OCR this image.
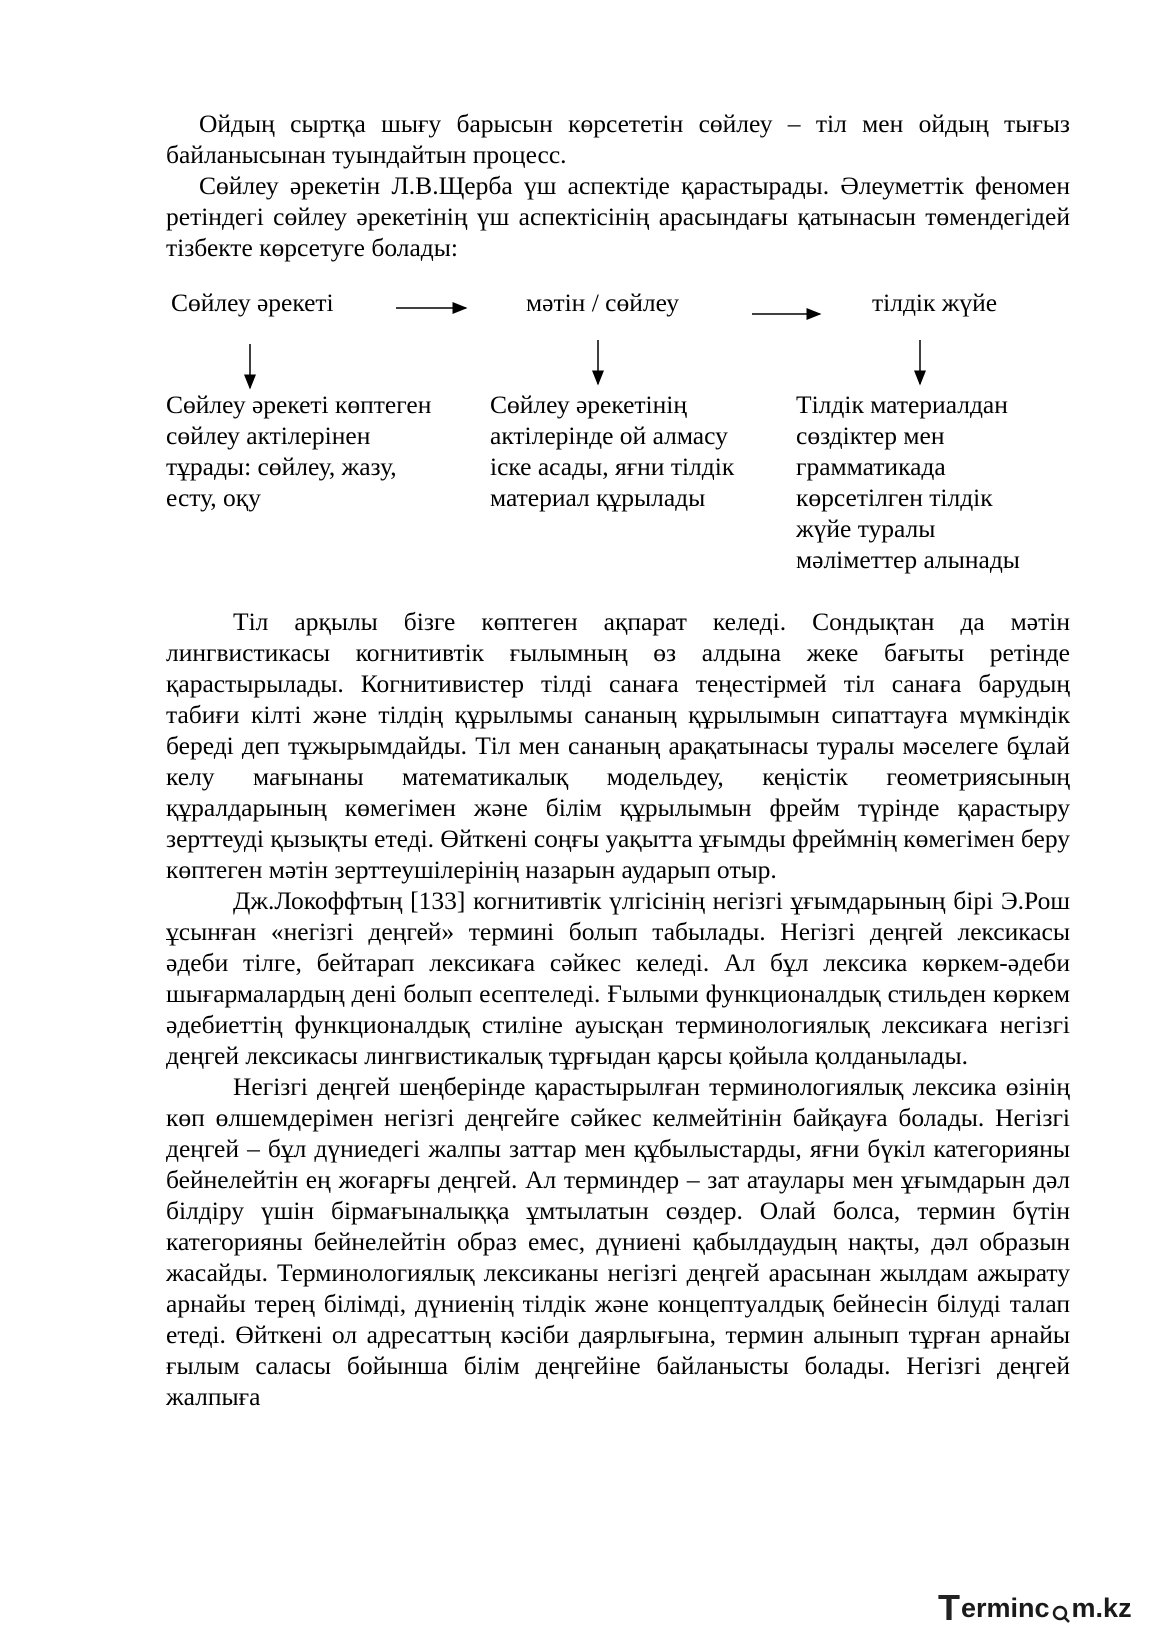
Ойдың сыртқа шығу барысын көрсететін сөйлеу – тіл мен ойдың тығыз байланысынан туындайтын процесс.

Сөйлеу әрекетін Л.В.Щерба үш аспектіде қарастырады. Әлеуметтік феномен ретіндегі сөйлеу әрекетінің үш аспектісінің арасындағы қатынасын төмендегідей тізбекте көрсетуге болады:

Сөйлеу әрекеті	мәтін / сөйлеу	тілдік жүйе
Сөйлеу әрекеті көптеген
сөйлеу актілерінен
тұрады: сөйлеу, жазу,
есту, оқу
Сөйлеу әрекетінің
актілерінде ой алмасу
іске асады, яғни тілдік
материал құрылады
Тілдік материалдан
сөздіктер мен
грамматикада
көрсетілген тілдік
жүйе туралы
мәліметтер алынады

Тіл арқылы бізге көптеген ақпарат келеді. Сондықтан да мәтін лингвистикасы когнитивтік ғылымның өз алдына жеке бағыты ретінде қарастырылады. Когнитивистер тілді санаға теңестірмей тіл санаға барудың табиғи кілті және тілдің құрылымы сананың құрылымын сипаттауға мүмкіндік береді деп тұжырымдайды. Тіл мен сананың арақатынасы туралы мәселеге бұлай келу мағынаны математикалық модельдеу, кеңістік геометриясының құралдарының көмегімен және білім құрылымын фрейм түрінде қарастыру зерттеуді қызықты етеді. Өйткені соңғы уақытта ұғымды фреймнің көмегімен беру көптеген мәтін зерттеушілерінің назарын аударып отыр.

Дж.Локоффтың [133] когнитивтік үлгісінің негізгі ұғымдарының бірі Э.Рош ұсынған «негізгі деңгей» термині болып табылады. Негізгі деңгей лексикасы әдеби тілге, бейтарап лексикаға сәйкес келеді. Ал бұл лексика көркем-әдеби шығармалардың дені болып есептеледі. Ғылыми функционалдық стильден көркем әдебиеттің функционалдық стиліне ауысқан терминологиялық лексикаға негізгі деңгей лексикасы лингвистикалық тұрғыдан қарсы қойыла қолданылады.

Негізгі деңгей шеңберінде қарастырылған терминологиялық лексика өзінің көп өлшемдерімен негізгі деңгейге сәйкес келмейтінін байқауға болады. Негізгі деңгей – бұл дүниедегі жалпы заттар мен құбылыстарды, яғни бүкіл категорияны бейнелейтін ең жоғарғы деңгей. Ал терминдер – зат атаулары мен ұғымдарын дәл білдіру үшін бірмағыналыққа ұмтылатын сөздер. Олай болса, термин бүтін категорияны бейнелейтін образ емес, дүниені қабылдаудың нақты, дәл образын жасайды. Терминологиялық лексиканы негізгі деңгей арасынан жылдам ажырату арнайы терең білімді, дүниенің тілдік және концептуалдық бейнесін білуді талап етеді. Өйткені ол адресаттың кәсіби даярлығына, термин алынып тұрған арнайы ғылым саласы бойынша білім деңгейіне байланысты болады. Негізгі деңгей жалпыға

T erminc m.kz
